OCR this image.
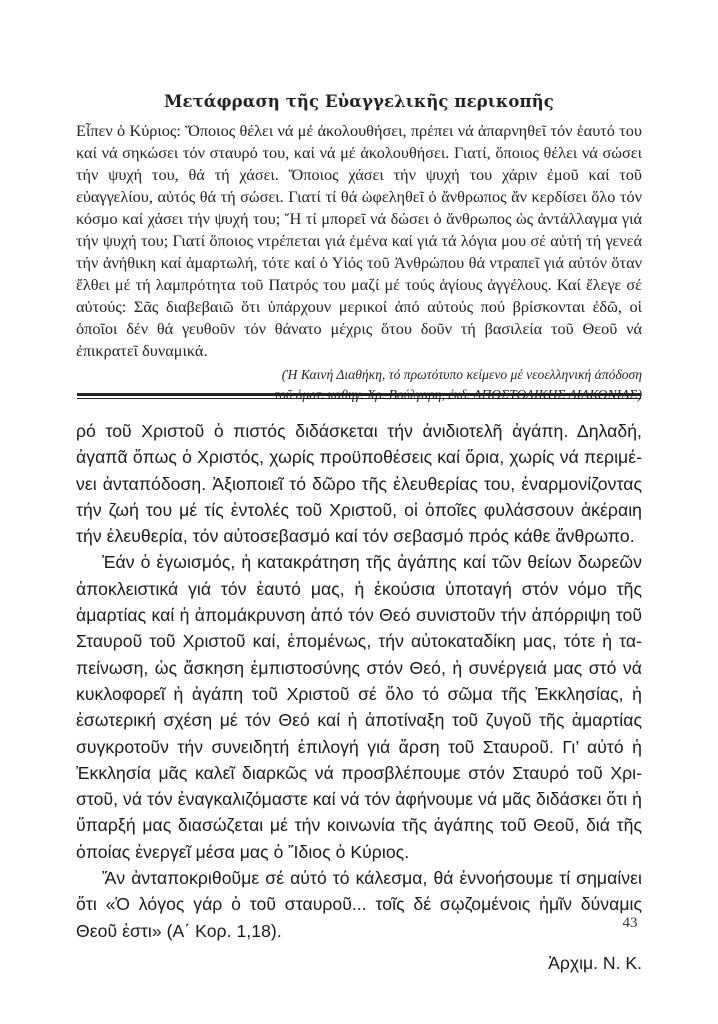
Μετάφραση τῆς Εὐαγγελικῆς περικοπῆς

Εἶπεν ὁ Κύριος: Ὅποιος θέλει νά μέ ἀκολουθήσει, πρέπει νά ἀπαρνηθεῖ τόν ἑαυτό του καί νά σηκώσει τόν σταυρό του, καί νά μέ ἀκολουθήσει. Γιατί, ὅποιος θέλει νά σώσει τήν ψυχή του, θά τή χάσει. Ὅποιος χάσει τήν ψυχή του χάριν ἐμοῦ καί τοῦ εὐαγγελίου, αὐτός θά τή σώσει. Γιατί τί θά ὠφεληθεῖ ὁ ἄνθρωπος ἄν κερδίσει ὅλο τόν κόσμο καί χάσει τήν ψυχή του; Ἤ τί μπορεῖ νά δώσει ὁ ἄνθρωπος ὡς ἀντάλλαγμα γιά τήν ψυχή του; Γιατί ὅποιος ντρέπεται γιά ἐμένα καί γιά τά λόγια μου σέ αὐτή τή γενεά τήν ἀνήθικη καί ἁμαρτωλή, τότε καί ὁ Υἱός τοῦ Ἀνθρώπου θά ντραπεῖ γιά αὐτόν ὅταν ἔλθει μέ τή λαμπρότητα τοῦ Πατρός του μαζί μέ τούς ἁγίους ἀγγέλους. Καί ἔλεγε σέ αὐτούς: Σᾶς διαβεβαιῶ ὅτι ὑπάρχουν μερικοί ἀπό αὐτούς πού βρίσκονται ἐδῶ, οἱ ὁποῖοι δέν θά γευθοῦν τόν θάνατο μέχρις ὅτου δοῦν τή βασιλεία τοῦ Θεοῦ νά ἐπικρατεῖ δυναμικά.

(Ἡ Καινή Διαθήκη, τό πρωτότυπο κείμενο μέ νεοελληνική ἀπόδοση
τοῦ ὁμοτ. καθηγ. Χρ. Βούλγαρη, ἐκδ. ΑΠΟΣΤΟΛΙΚΗΣ ΔΙΑΚΟΝΙΑΣ)

ρό τοῦ Χριστοῦ ὁ πιστός διδάσκεται τήν ἀνιδιοτελῆ ἀγάπη. Δηλαδή, ἀγαπᾶ ὅπως ὁ Χριστός, χωρίς προϋποθέσεις καί ὅρια, χωρίς νά περιμένει ἀνταπόδοση. Ἀξιοποιεῖ τό δῶρο τῆς ἐλευθερίας του, ἐναρμονίζοντας τήν ζωή του μέ τίς ἐντολές τοῦ Χριστοῦ, οἱ ὁποῖες φυλάσσουν ἀκέραιη τήν ἐλευθερία, τόν αὐτοσεβασμό καί τόν σεβασμό πρός κάθε ἄνθρωπο.

Ἐάν ὁ ἐγωισμός, ἡ κατακράτηση τῆς ἀγάπης καί τῶν θείων δωρεῶν ἀποκλειστικά γιά τόν ἑαυτό μας, ἡ ἑκούσια ὑποταγή στόν νόμο τῆς ἁμαρτίας καί ἡ ἀπομάκρυνση ἀπό τόν Θεό συνιστοῦν τήν ἀπόρριψη τοῦ Σταυροῦ τοῦ Χριστοῦ καί, ἑπομένως, τήν αὐτοκαταδίκη μας, τότε ἡ ταπείνωση, ὡς ἄσκηση ἐμπιστοσύνης στόν Θεό, ἡ συνέργειά μας στό νά κυκλοφορεῖ ἡ ἀγάπη τοῦ Χριστοῦ σέ ὅλο τό σῶμα τῆς Ἐκκλησίας, ἡ ἐσωτερική σχέση μέ τόν Θεό καί ἡ ἀποτίναξη τοῦ ζυγοῦ τῆς ἁμαρτίας συγκροτοῦν τήν συνειδητή ἐπιλογή γιά ἄρση τοῦ Σταυροῦ. Γι’ αὐτό ἡ Ἐκκλησία μᾶς καλεῖ διαρκῶς νά προσβλέπουμε στόν Σταυρό τοῦ Χριστοῦ, νά τόν ἐναγκαλιζόμαστε καί νά τόν ἀφήνουμε νά μᾶς διδάσκει ὅτι ἡ ὕπαρξή μας διασώζεται μέ τήν κοινωνία τῆς ἀγάπης τοῦ Θεοῦ, διά τῆς ὁποίας ἐνεργεῖ μέσα μας ὁ Ἴδιος ὁ Κύριος.

Ἄν ἀνταποκριθοῦμε σέ αὐτό τό κάλεσμα, θά ἐννοήσουμε τί σημαίνει ὅτι «Ὁ λόγος γάρ ὁ τοῦ σταυροῦ... τοῖς δέ σῳζομένοις ἡμῖν δύναμις Θεοῦ ἐστι» (Α΄ Κορ. 1,18).

Ἀρχιμ. Ν. Κ.
43
